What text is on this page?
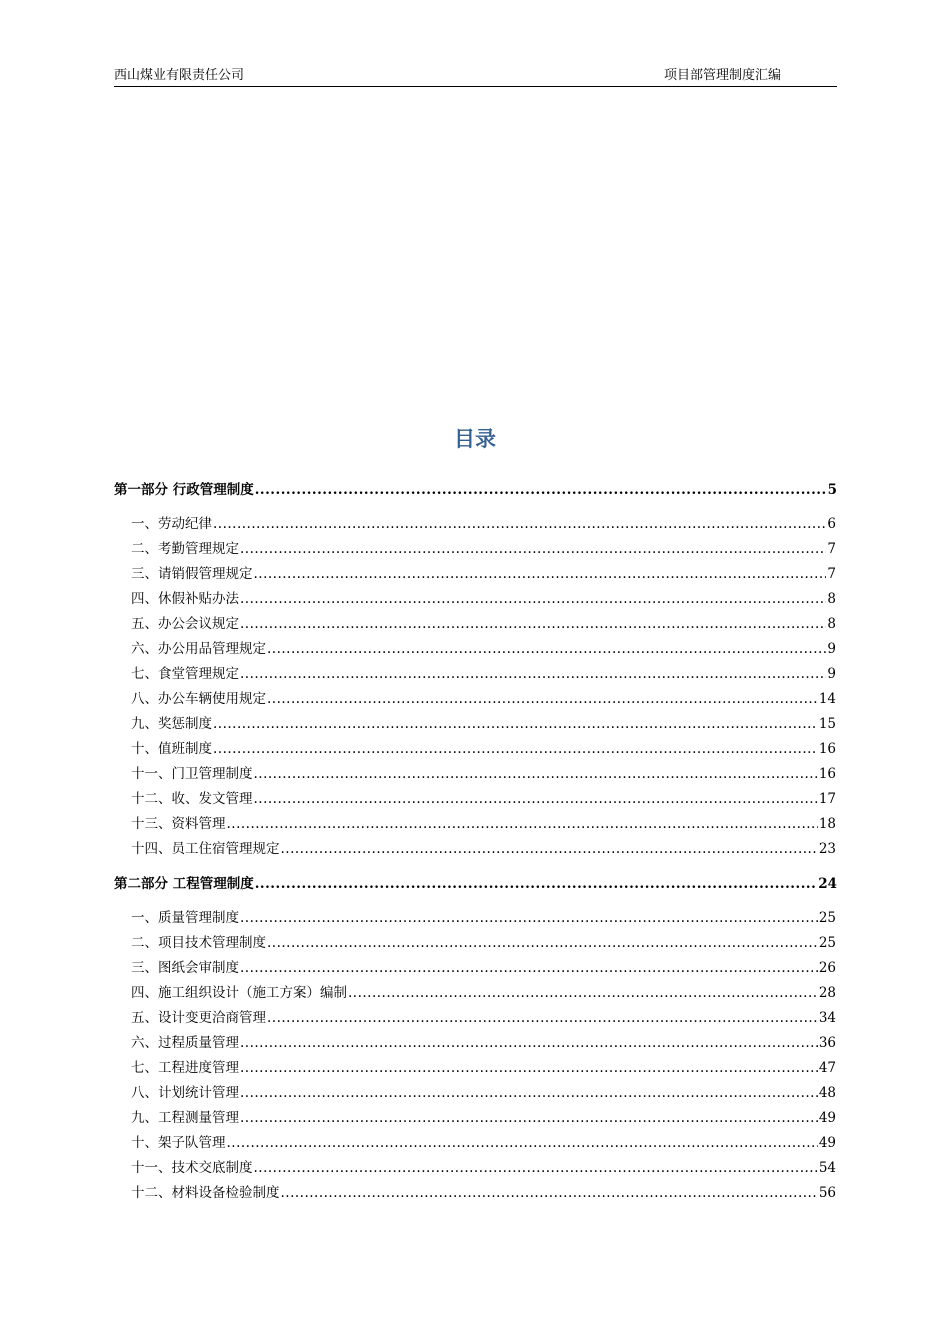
西山煤业有限责任公司	项目部管理制度汇编
目录
第一部分 行政管理制度 .....	5
一、劳动纪律 .....	6
二、考勤管理规定 .....	7
三、请销假管理规定 .....	7
四、休假补贴办法 .....	8
五、办公会议规定 .....	8
六、办公用品管理规定 .....	9
七、食堂管理规定 .....	9
八、办公车辆使用规定 .....	14
九、奖惩制度 .....	15
十、值班制度 .....	16
十一、门卫管理制度 .....	16
十二、收、发文管理 .....	17
十三、资料管理 .....	18
十四、员工住宿管理规定 .....	23
第二部分 工程管理制度 .....	24
一、质量管理制度 .....	25
二、项目技术管理制度 .....	25
三、图纸会审制度 .....	26
四、施工组织设计（施工方案）编制 .....	28
五、设计变更洽商管理 .....	34
六、过程质量管理 .....	36
七、工程进度管理 .....	47
八、计划统计管理 .....	48
九、工程测量管理 .....	49
十、架子队管理 .....	49
十一、技术交底制度 .....	54
十二、材料设备检验制度 .....	56
